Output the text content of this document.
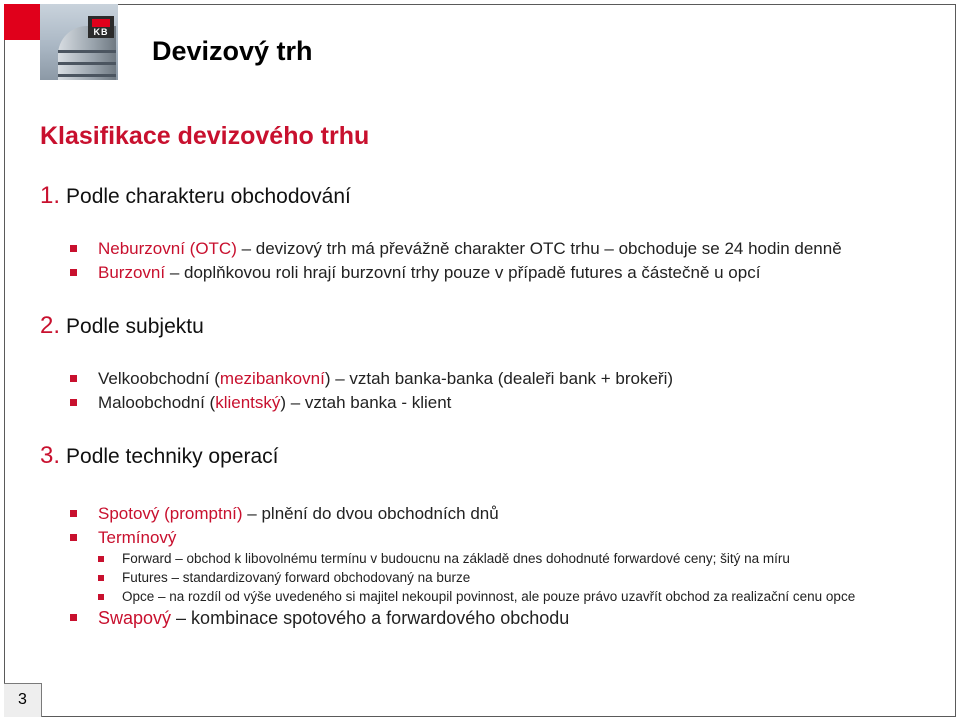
KB
Devizový trh
Klasifikace devizového trhu
1. Podle charakteru obchodování
Neburzovní (OTC) – devizový trh má převážně charakter OTC trhu – obchoduje se 24 hodin denně
Burzovní – doplňkovou roli hrají burzovní trhy pouze v případě futures a částečně u opcí
2. Podle subjektu
Velkoobchodní (mezibankovní) – vztah banka-banka (dealeři bank + brokeři)
Maloobchodní (klientský) – vztah banka - klient
3. Podle techniky operací
Spotový (promptní) – plnění do dvou obchodních dnů
Termínový
Forward – obchod k libovolnému termínu v budoucnu na základě dnes dohodnuté forwardové ceny; šitý na míru
Futures – standardizovaný forward obchodovaný na burze
Opce – na rozdíl od výše uvedeného si majitel nekoupil povinnost, ale pouze právo uzavřít obchod za realizační cenu opce
Swapový – kombinace spotového a forwardového obchodu
3
